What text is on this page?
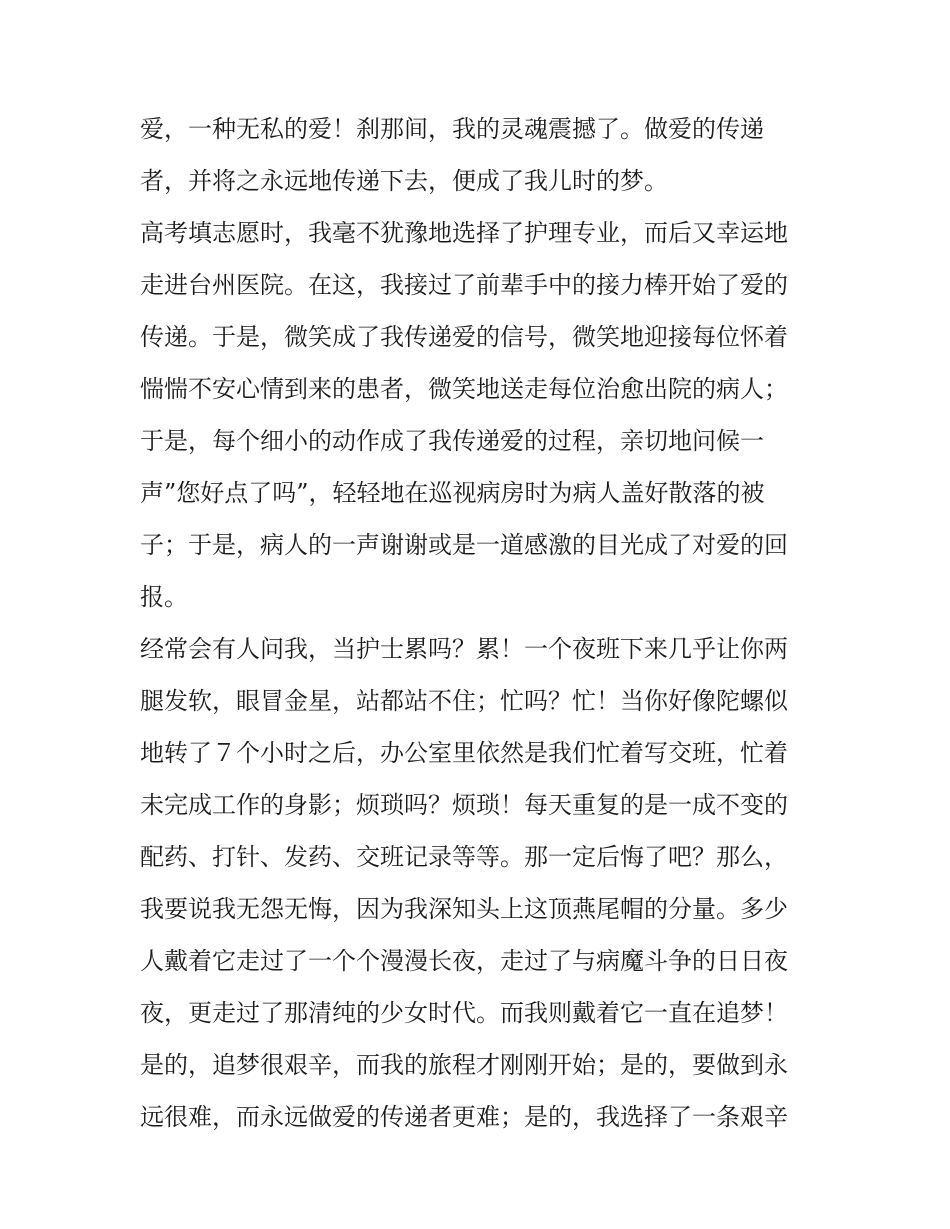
爱，一种无私的爱！刹那间，我的灵魂震撼了。做爱的传递
者，并将之永远地传递下去，便成了我儿时的梦。
高考填志愿时，我毫不犹豫地选择了护理专业，而后又幸运地
走进台州医院。在这，我接过了前辈手中的接力棒开始了爱的
传递。于是，微笑成了我传递爱的信号，微笑地迎接每位怀着
惴惴不安心情到来的患者，微笑地送走每位治愈出院的病人；
于是，每个细小的动作成了我传递爱的过程，亲切地问候一
声”您好点了吗”，轻轻地在巡视病房时为病人盖好散落的被
子；于是，病人的一声谢谢或是一道感激的目光成了对爱的回
报。
经常会有人问我，当护士累吗？累！一个夜班下来几乎让你两
腿发软，眼冒金星，站都站不住；忙吗？忙！当你好像陀螺似
地转了７个小时之后，办公室里依然是我们忙着写交班，忙着
未完成工作的身影；烦琐吗？烦琐！每天重复的是一成不变的
配药、打针、发药、交班记录等等。那一定后悔了吧？那么，
我要说我无怨无悔，因为我深知头上这顶燕尾帽的分量。多少
人戴着它走过了一个个漫漫长夜，走过了与病魔斗争的日日夜
夜，更走过了那清纯的少女时代。而我则戴着它一直在追梦！
是的，追梦很艰辛，而我的旅程才刚刚开始；是的，要做到永
远很难，而永远做爱的传递者更难；是的，我选择了一条艰辛
